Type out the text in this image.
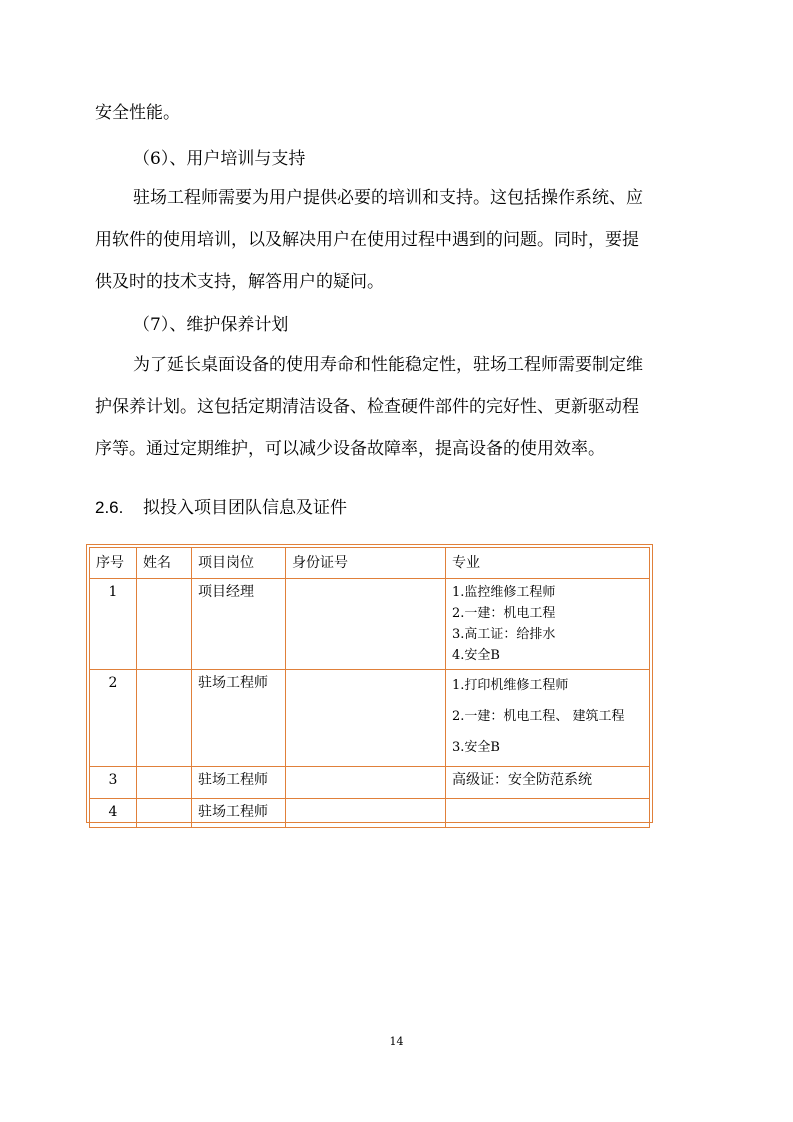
安全性能。
（6）、用户培训与支持
驻场工程师需要为用户提供必要的培训和支持。这包括操作系统、应
用软件的使用培训，以及解决用户在使用过程中遇到的问题。同时，要提
供及时的技术支持，解答用户的疑问。
（7）、维护保养计划
为了延长桌面设备的使用寿命和性能稳定性，驻场工程师需要制定维
护保养计划。这包括定期清洁设备、检查硬件部件的完好性、更新驱动程
序等。通过定期维护，可以减少设备故障率，提高设备的使用效率。
2.6. 拟投入项目团队信息及证件
序号	姓名	项目岗位	身份证号	专业
1		项目经理		1.监控维修工程师
2.一建：机电工程
3.高工证：给排水
4.安全B

2		驻场工程师		1.打印机维修工程师
2.一建：机电工程、 建筑工程
3.安全B

3		驻场工程师		高级证：安全防范系统

4		驻场工程师		
14
